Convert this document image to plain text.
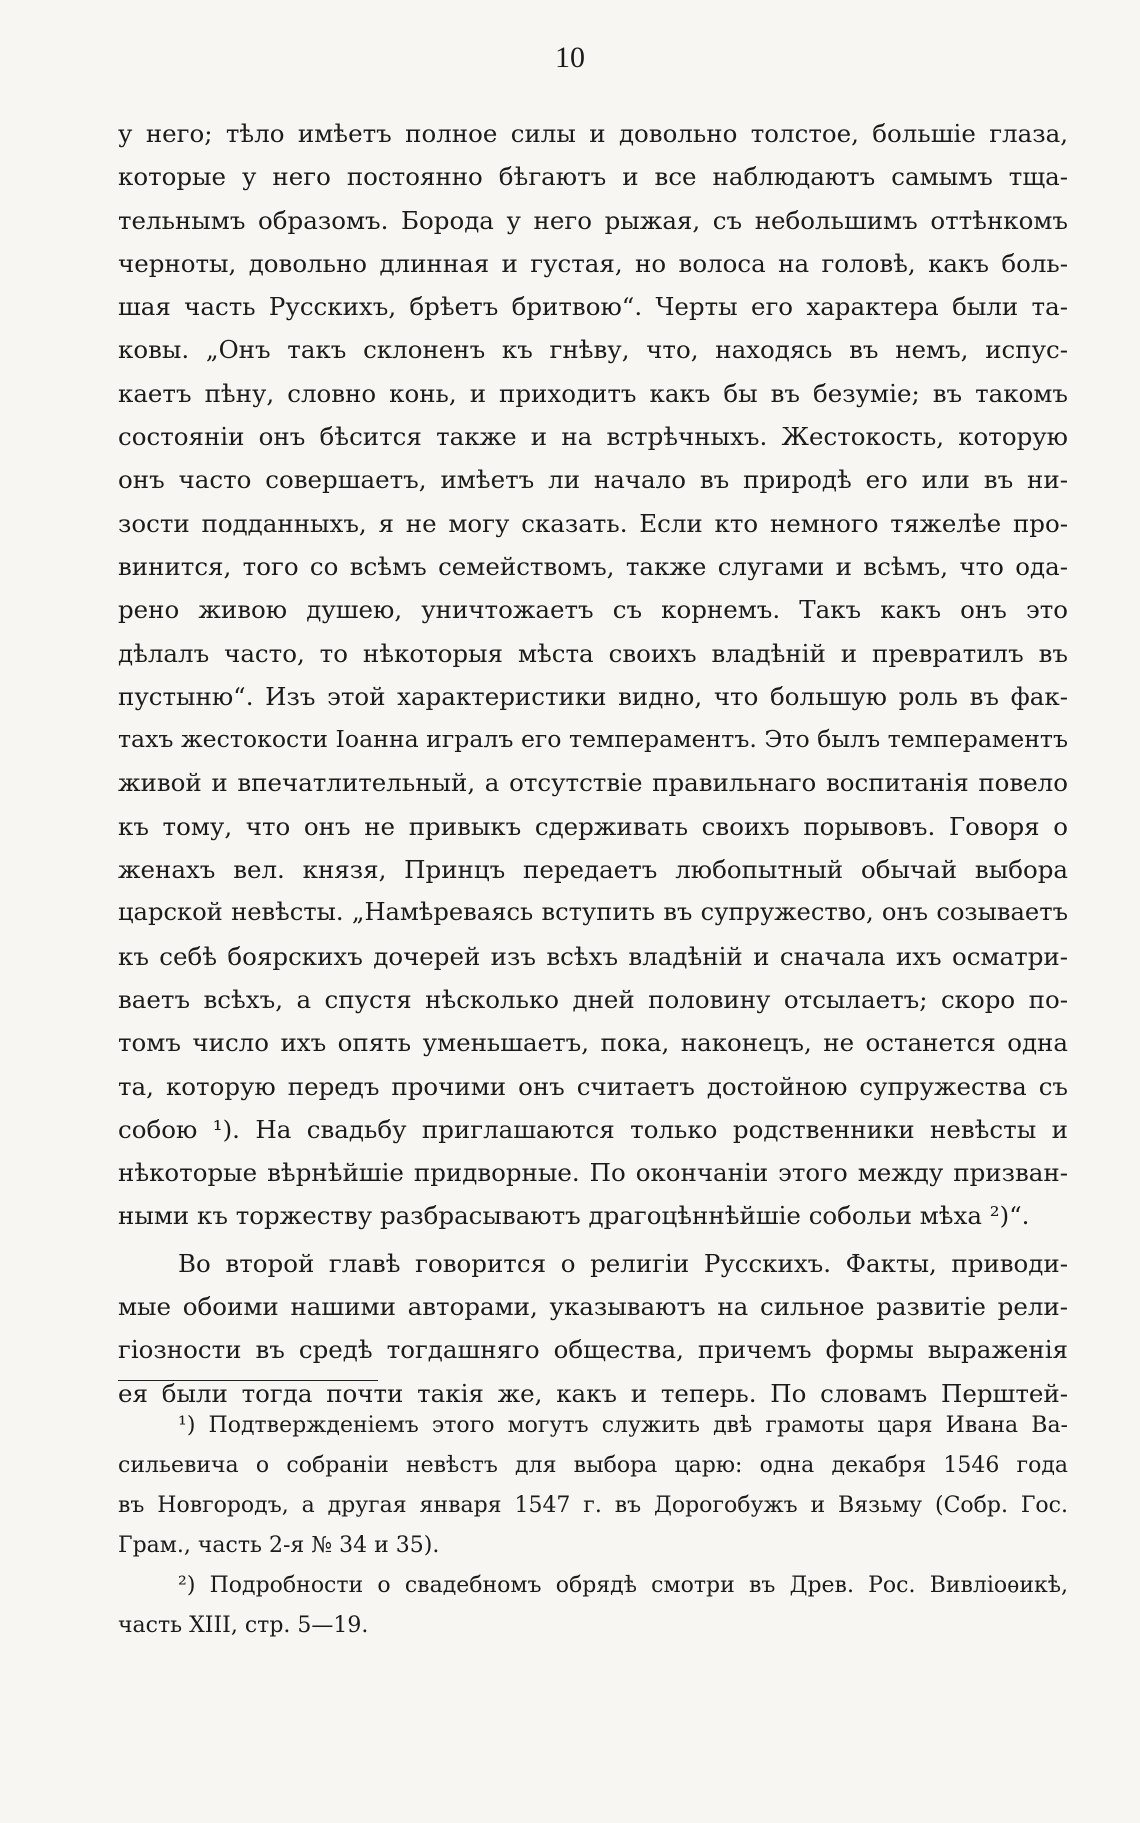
10
у него; тѣло имѣетъ полное силы и довольно толстое, большіе глаза,
которые у него постоянно бѣгаютъ и все наблюдаютъ самымъ тща-
тельнымъ образомъ. Борода у него рыжая, съ небольшимъ оттѣнкомъ
черноты, довольно длинная и густая, но волоса на головѣ, какъ боль-
шая часть Русскихъ, брѣетъ бритвою“. Черты его характера были та-
ковы. „Онъ такъ склоненъ къ гнѣву, что, находясь въ немъ, испус-
каетъ пѣну, словно конь, и приходитъ какъ бы въ безуміе; въ такомъ
состояніи онъ бѣсится также и на встрѣчныхъ. Жестокость, которую
онъ часто совершаетъ, имѣетъ ли начало въ природѣ его или въ ни-
зости подданныхъ, я не могу сказать. Если кто немного тяжелѣе про-
винится, того со всѣмъ семействомъ, также слугами и всѣмъ, что ода-
рено живою душею, уничтожаетъ съ корнемъ. Такъ какъ онъ это
дѣлалъ часто, то нѣкоторыя мѣста своихъ владѣній и превратилъ въ
пустыню“. Изъ этой характеристики видно, что большую роль въ фак-
тахъ жестокости Іоанна игралъ его темпераментъ. Это былъ темпераментъ
живой и впечатлительный, а отсутствіе правильнаго воспитанія повело
къ тому, что онъ не привыкъ сдерживать своихъ порывовъ. Говоря о
женахъ вел. князя, Принцъ передаетъ любопытный обычай выбора
царской невѣсты. „Намѣреваясь вступить въ супружество, онъ созываетъ
къ себѣ боярскихъ дочерей изъ всѣхъ владѣній и сначала ихъ осматри-
ваетъ всѣхъ, а спустя нѣсколько дней половину отсылаетъ; скоро по-
томъ число ихъ опять уменьшаетъ, пока, наконецъ, не останется одна
та, которую передъ прочими онъ считаетъ достойною супружества съ
собою ¹). На свадьбу приглашаются только родственники невѣсты и
нѣкоторые вѣрнѣйшіе придворные. По окончаніи этого между призван-
ными къ торжеству разбрасываютъ драгоцѣннѣйшіе собольи мѣха ²)“.
Во второй главѣ говорится о религіи Русскихъ. Факты, приводи-
мые обоими нашими авторами, указываютъ на сильное развитіе рели-
гіозности въ средѣ тогдашняго общества, причемъ формы выраженія
ея были тогда почти такія же, какъ и теперь. По словамъ Перштей-
¹) Подтвержденіемъ этого могутъ служить двѣ грамоты царя Ивана Ва-
сильевича о собраніи невѣстъ для выбора царю: одна декабря 1546 года
въ Новгородъ, а другая января 1547 г. въ Дорогобужъ и Вязьму (Собр. Гос.
Грам., часть 2-я № 34 и 35).
²) Подробности о свадебномъ обрядѣ смотри въ Древ. Рос. Вивліоѳикѣ,
часть XIII, стр. 5—19.
